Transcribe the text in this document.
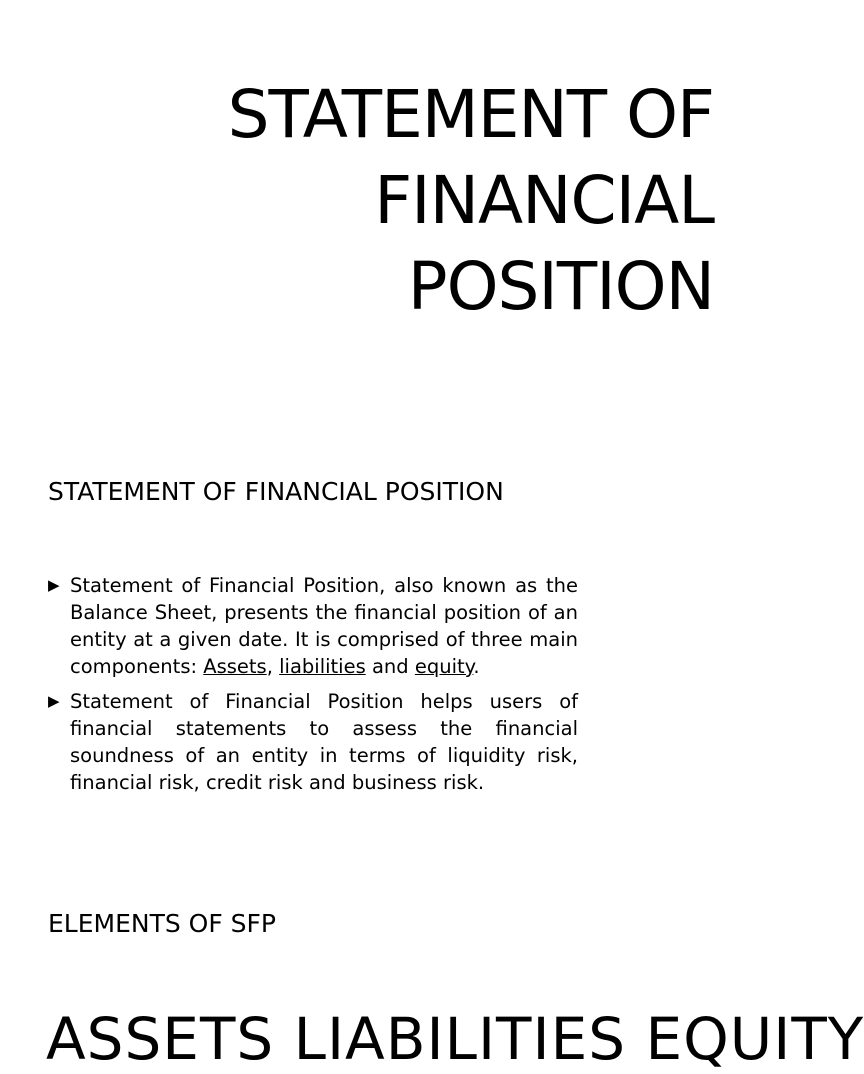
STATEMENT OF
FINANCIAL
POSITION
STATEMENT OF FINANCIAL POSITION
▶ Statement of Financial Position, also known as the Balance Sheet, presents the financial position of an entity at a given date. It is comprised of three main components: Assets, liabilities and equity.
▶ Statement of Financial Position helps users of financial statements to assess the financial soundness of an entity in terms of liquidity risk, financial risk, credit risk and business risk.
ELEMENTS OF SFP
ASSETS LIABILITIES EQUITY
